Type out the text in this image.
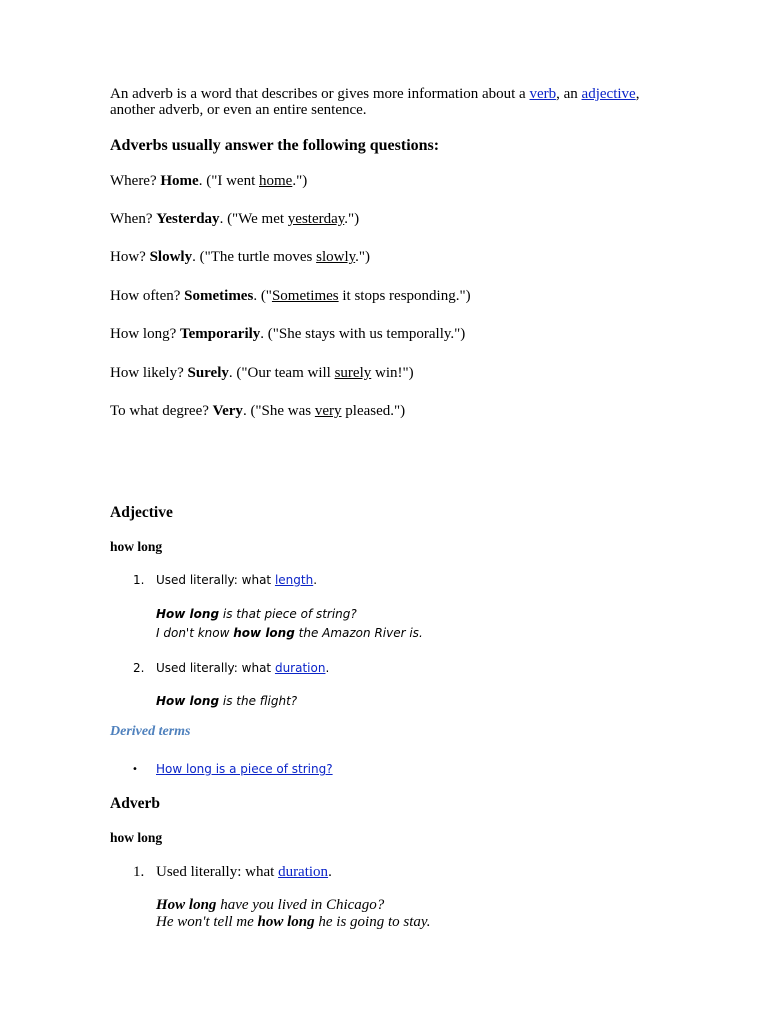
An adverb is a word that describes or gives more information about a verb, an adjective,
another adverb, or even an entire sentence.
Adverbs usually answer the following questions:
Where? Home. ("I went home.")
When? Yesterday. ("We met yesterday.")
How? Slowly. ("The turtle moves slowly.")
How often? Sometimes. ("Sometimes it stops responding.")
How long? Temporarily. ("She stays with us temporally.")
How likely? Surely. ("Our team will surely win!")
To what degree? Very. ("She was very pleased.")
Adjective
how long
1. Used literally: what length.
How long is that piece of string?
I don't know how long the Amazon River is.
2. Used literally: what duration.
How long is the flight?
Derived terms
• How long is a piece of string?
Adverb
how long
1. Used literally: what duration.
How long have you lived in Chicago?
He won't tell me how long he is going to stay.
